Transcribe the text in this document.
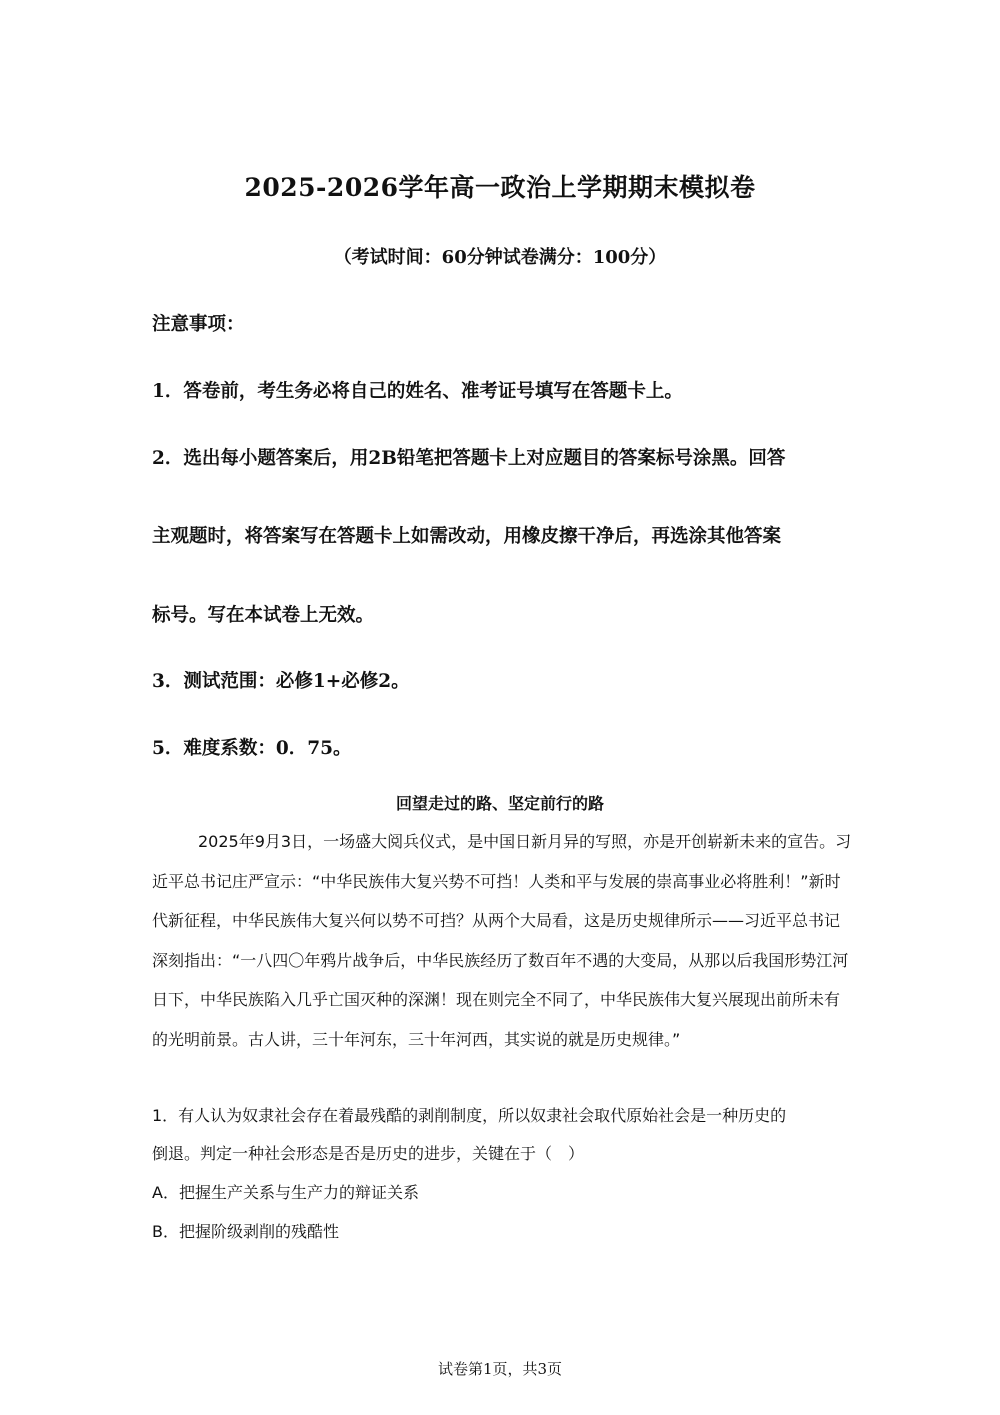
2025-2026学年高一政治上学期期末模拟卷
（考试时间：60分钟试卷满分：100分）
注意事项：
1．答卷前，考生务必将自己的姓名、准考证号填写在答题卡上。
2．选出每小题答案后，用2B铅笔把答题卡上对应题目的答案标号涂黑。回答
主观题时，将答案写在答题卡上如需改动，用橡皮擦干净后，再选涂其他答案
标号。写在本试卷上无效。
3．测试范围：必修1+必修2。
5．难度系数：0．75。
回望走过的路、坚定前行的路
2025年9月3日，一场盛大阅兵仪式，是中国日新月异的写照，亦是开创崭新未来的宣告。习近平总书记庄严宣示：“中华民族伟大复兴势不可挡！人类和平与发展的崇高事业必将胜利！”新时代新征程，中华民族伟大复兴何以势不可挡？从两个大局看，这是历史规律所示——习近平总书记深刻指出：“一八四〇年鸦片战争后，中华民族经历了数百年不遇的大变局，从那以后我国形势江河日下，中华民族陷入几乎亡国灭种的深渊！现在则完全不同了，中华民族伟大复兴展现出前所未有的光明前景。古人讲，三十年河东，三十年河西，其实说的就是历史规律。”
1．有人认为奴隶社会存在着最残酷的剥削制度，所以奴隶社会取代原始社会是一种历史的
倒退。判定一种社会形态是否是历史的进步，关键在于（　）
A．把握生产关系与生产力的辩证关系
B．把握阶级剥削的残酷性
试卷第1页，共3页
